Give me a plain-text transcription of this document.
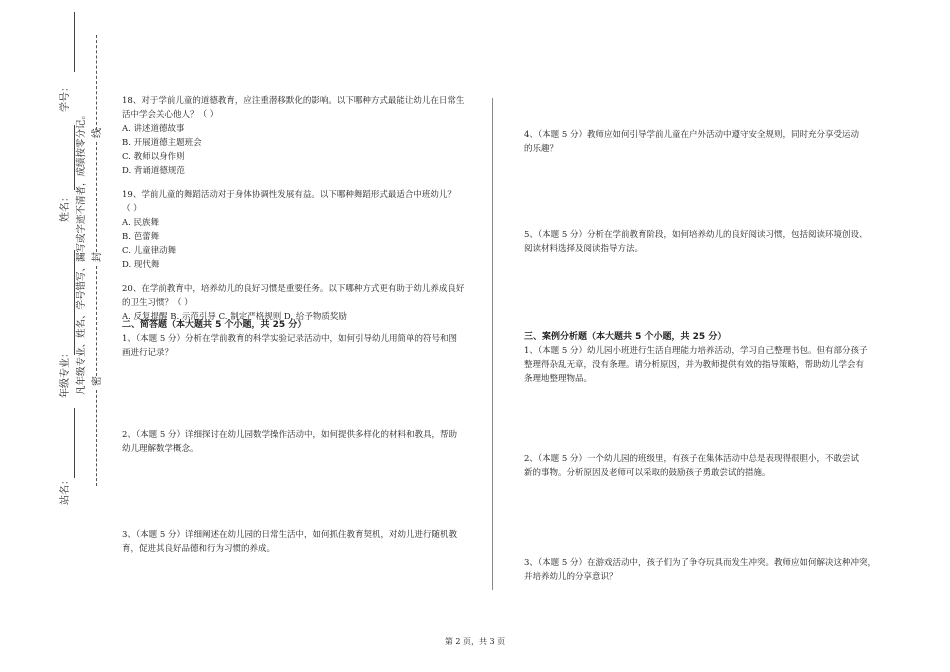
学号：
姓名：
年级专业：
站名：
凡年级专业、姓名、学号错写、漏写或字迹不清者，成绩按零分记。 密
封
线

18、对于学前儿童的道德教育，应注重潜移默化的影响。以下哪种方式最能让幼儿在日常生

活中学会关心他人？（ ）

A. 讲述道德故事

B. 开展道德主题班会

C. 教师以身作则

D. 背诵道德规范

19、学前儿童的舞蹈活动对于身体协调性发展有益。以下哪种舞蹈形式最适合中班幼儿？

（ ）

A. 民族舞

B. 芭蕾舞

C. 儿童律动舞

D. 现代舞

20、在学前教育中，培养幼儿的良好习惯是重要任务。以下哪种方式更有助于幼儿养成良好

的卫生习惯？（ ）

A. 反复提醒 B. 示范引导 C. 制定严格规则 D. 给予物质奖励

二、简答题（本大题共 5 个小题，共 25 分）

1、（本题 5 分）分析在学前教育的科学实验记录活动中，如何引导幼儿用简单的符号和图

画进行记录？

2、（本题 5 分）详细探讨在幼儿园数学操作活动中，如何提供多样化的材料和教具，帮助

幼儿理解数学概念。

3、（本题 5 分）详细阐述在幼儿园的日常生活中，如何抓住教育契机，对幼儿进行随机教

育，促进其良好品德和行为习惯的养成。

4、（本题 5 分）教师应如何引导学前儿童在户外活动中遵守安全规则，同时充分享受运动

的乐趣？

5、（本题 5 分）分析在学前教育阶段，如何培养幼儿的良好阅读习惯，包括阅读环境创设、

阅读材料选择及阅读指导方法。

三、案例分析题（本大题共 5 个小题，共 25 分）

1、（本题 5 分）幼儿园小班进行生活自理能力培养活动，学习自己整理书包。但有部分孩子

整理得杂乱无章，没有条理。请分析原因，并为教师提供有效的指导策略，帮助幼儿学会有

条理地整理物品。

2、（本题 5 分）一个幼儿园的班级里，有孩子在集体活动中总是表现得很胆小，不敢尝试

新的事物。分析原因及老师可以采取的鼓励孩子勇敢尝试的措施。

3、（本题 5 分）在游戏活动中，孩子们为了争夺玩具而发生冲突。教师应如何解决这种冲突，

并培养幼儿的分享意识？

第 2 页，共 3 页
